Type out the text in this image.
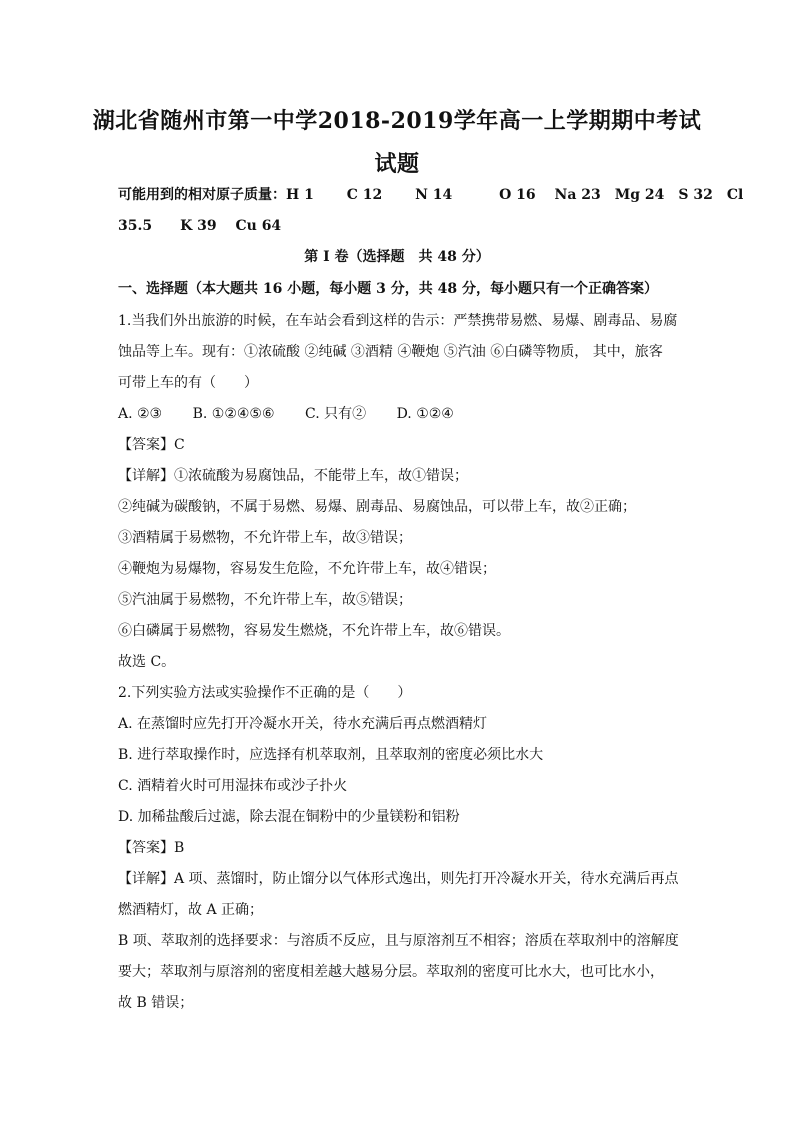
湖北省随州市第一中学2018-2019学年高一上学期期中考试
试题
可能用到的相对原子质量：H 1　　 C 12　　 N 14　　　 O 16　 Na 23　Mg 24　S 32　Cl
35.5　　K 39　 Cu 64
第 I 卷（选择题　共 48 分）
一、选择题（本大题共 16 小题，每小题 3 分，共 48 分，每小题只有一个正确答案）
1.当我们外出旅游的时候，在车站会看到这样的告示：严禁携带易燃、易爆、剧毒品、易腐
蚀品等上车。现有：①浓硫酸 ②纯碱 ③酒精 ④鞭炮 ⑤汽油 ⑥白磷等物质， 其中，旅客
可带上车的有（　　）
A. ②③ B. ①②④⑤⑥ C. 只有② D. ①②④
【答案】C
【详解】①浓硫酸为易腐蚀品，不能带上车，故①错误；
②纯碱为碳酸钠，不属于易燃、易爆、剧毒品、易腐蚀品，可以带上车，故②正确；
③酒精属于易燃物，不允许带上车，故③错误；
④鞭炮为易爆物，容易发生危险，不允许带上车，故④错误；
⑤汽油属于易燃物，不允许带上车，故⑤错误；
⑥白磷属于易燃物，容易发生燃烧，不允许带上车，故⑥错误。
故选 C。
2.下列实验方法或实验操作不正确的是（　　）
A. 在蒸馏时应先打开冷凝水开关，待水充满后再点燃酒精灯
B. 进行萃取操作时，应选择有机萃取剂，且萃取剂的密度必须比水大
C. 酒精着火时可用湿抹布或沙子扑火
D. 加稀盐酸后过滤，除去混在铜粉中的少量镁粉和铝粉
【答案】B
【详解】A 项、蒸馏时，防止馏分以气体形式逸出，则先打开冷凝水开关，待水充满后再点
燃酒精灯，故 A 正确；
B 项、萃取剂的选择要求：与溶质不反应，且与原溶剂互不相容；溶质在萃取剂中的溶解度
要大；萃取剂与原溶剂的密度相差越大越易分层。萃取剂的密度可比水大，也可比水小，
故 B 错误；
